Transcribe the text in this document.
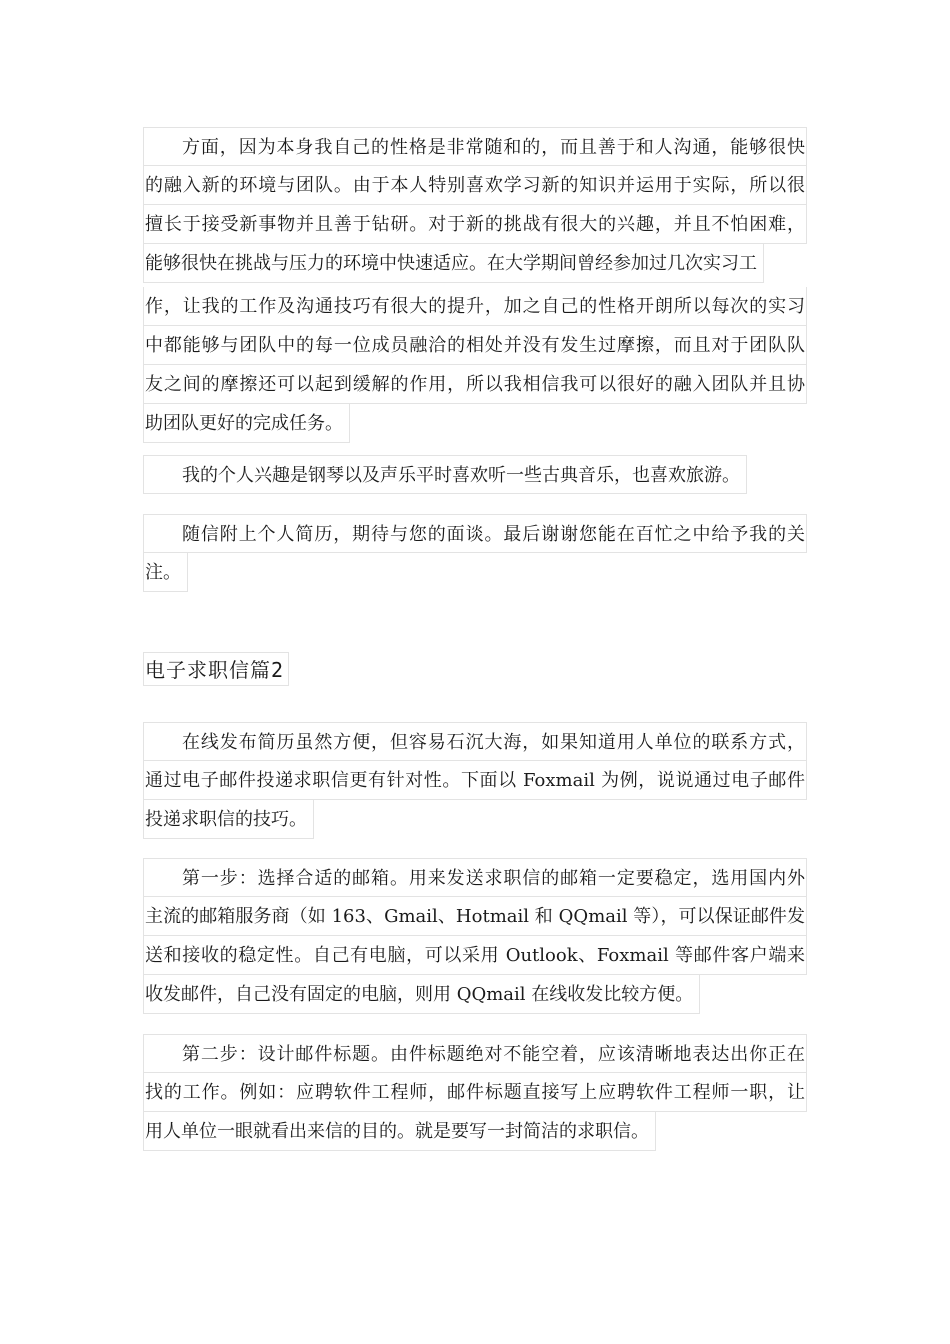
方面，因为本身我自己的性格是非常随和的，而且善于和人沟通，能够很快
的融入新的环境与团队。由于本人特别喜欢学习新的知识并运用于实际，所以很
擅长于接受新事物并且善于钻研。对于新的挑战有很大的兴趣，并且不怕困难，
能够很快在挑战与压力的环境中快速适应。在大学期间曾经参加过几次实习工
作，让我的工作及沟通技巧有很大的提升，加之自己的性格开朗所以每次的实习
中都能够与团队中的每一位成员融洽的相处并没有发生过摩擦，而且对于团队队
友之间的摩擦还可以起到缓解的作用，所以我相信我可以很好的融入团队并且协
助团队更好的完成任务。
我的个人兴趣是钢琴以及声乐平时喜欢听一些古典音乐，也喜欢旅游。
随信附上个人简历，期待与您的面谈。最后谢谢您能在百忙之中给予我的关
注。
电子求职信篇2
在线发布简历虽然方便，但容易石沉大海，如果知道用人单位的联系方式，
通过电子邮件投递求职信更有针对性。下面以 Foxmail 为例，说说通过电子邮件
投递求职信的技巧。
第一步：选择合适的邮箱。用来发送求职信的邮箱一定要稳定，选用国内外
主流的邮箱服务商（如 163、Gmail、Hotmail 和 QQmail 等），可以保证邮件发
送和接收的稳定性。自己有电脑，可以采用 Outlook、Foxmail 等邮件客户端来
收发邮件，自己没有固定的电脑，则用 QQmail 在线收发比较方便。
第二步：设计邮件标题。由件标题绝对不能空着，应该清晰地表达出你正在
找的工作。例如：应聘软件工程师，邮件标题直接写上应聘软件工程师一职，让
用人单位一眼就看出来信的目的。就是要写一封简洁的求职信。
